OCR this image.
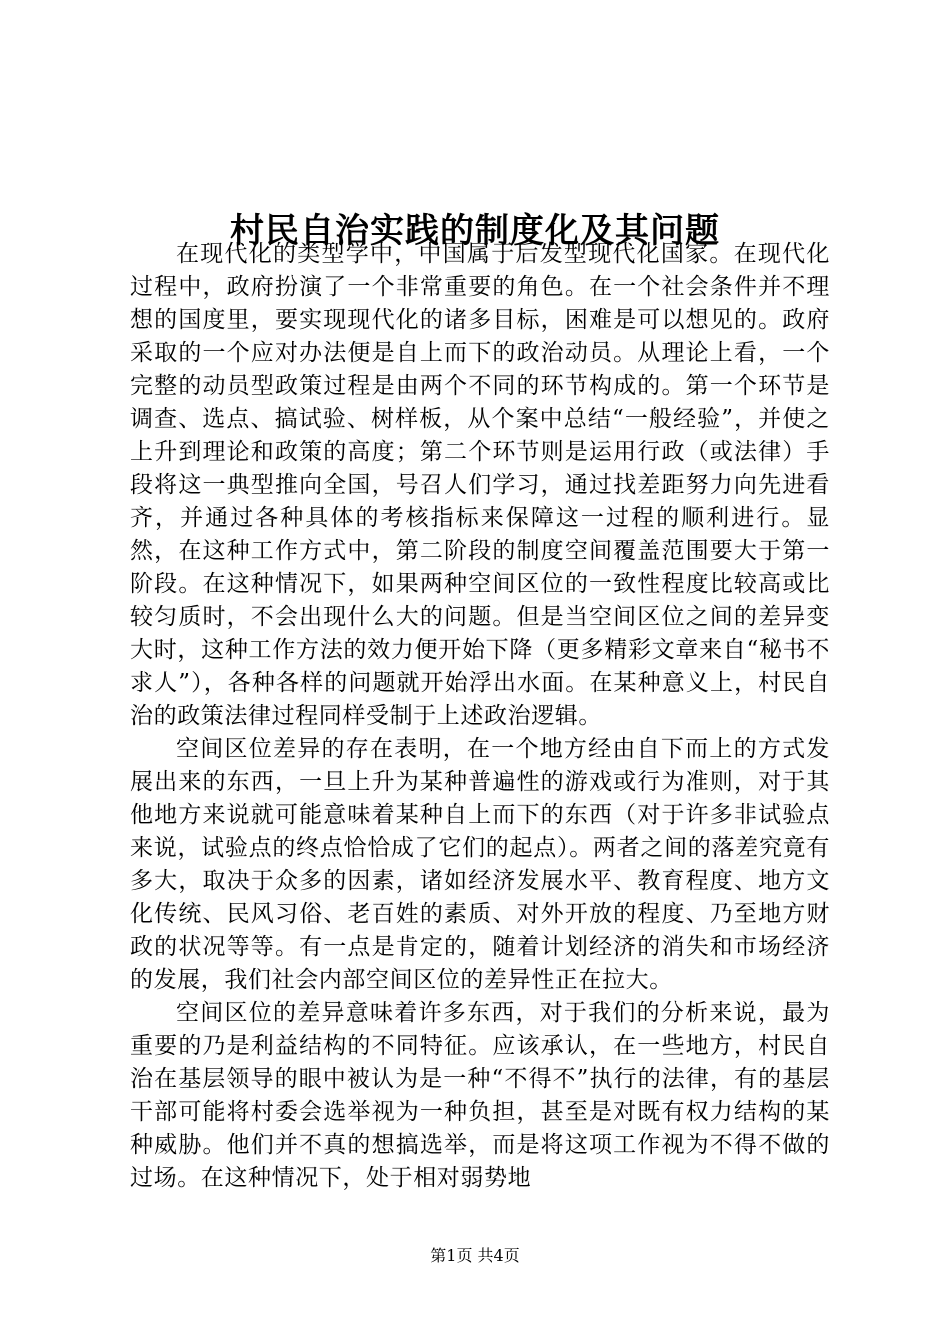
村民自治实践的制度化及其问题

在现代化的类型学中，中国属于后发型现代化国家。在现代化过程中，政府扮演了一个非常重要的角色。在一个社会条件并不理想的国度里，要实现现代化的诸多目标，困难是可以想见的。政府采取的一个应对办法便是自上而下的政治动员。从理论上看，一个完整的动员型政策过程是由两个不同的环节构成的。第一个环节是调查、选点、搞试验、树样板，从个案中总结“一般经验”，并使之上升到理论和政策的高度；第二个环节则是运用行政（或法律）手段将这一典型推向全国，号召人们学习，通过找差距努力向先进看齐，并通过各种具体的考核指标来保障这一过程的顺利进行。显然，在这种工作方式中，第二阶段的制度空间覆盖范围要大于第一阶段。在这种情况下，如果两种空间区位的一致性程度比较高或比较匀质时，不会出现什么大的问题。但是当空间区位之间的差异变大时，这种工作方法的效力便开始下降（更多精彩文章来自“秘书不求人”），各种各样的问题就开始浮出水面。在某种意义上，村民自治的政策法律过程同样受制于上述政治逻辑。

空间区位差异的存在表明，在一个地方经由自下而上的方式发展出来的东西，一旦上升为某种普遍性的游戏或行为准则，对于其他地方来说就可能意味着某种自上而下的东西（对于许多非试验点来说，试验点的终点恰恰成了它们的起点）。两者之间的落差究竟有多大，取决于众多的因素，诸如经济发展水平、教育程度、地方文化传统、民风习俗、老百姓的素质、对外开放的程度、乃至地方财政的状况等等。有一点是肯定的，随着计划经济的消失和市场经济的发展，我们社会内部空间区位的差异性正在拉大。

空间区位的差异意味着许多东西，对于我们的分析来说，最为重要的乃是利益结构的不同特征。应该承认，在一些地方，村民自治在基层领导的眼中被认为是一种“不得不”执行的法律，有的基层干部可能将村委会选举视为一种负担，甚至是对既有权力结构的某种威胁。他们并不真的想搞选举，而是将这项工作视为不得不做的过场。在这种情况下，处于相对弱势地

第1页 共4页
